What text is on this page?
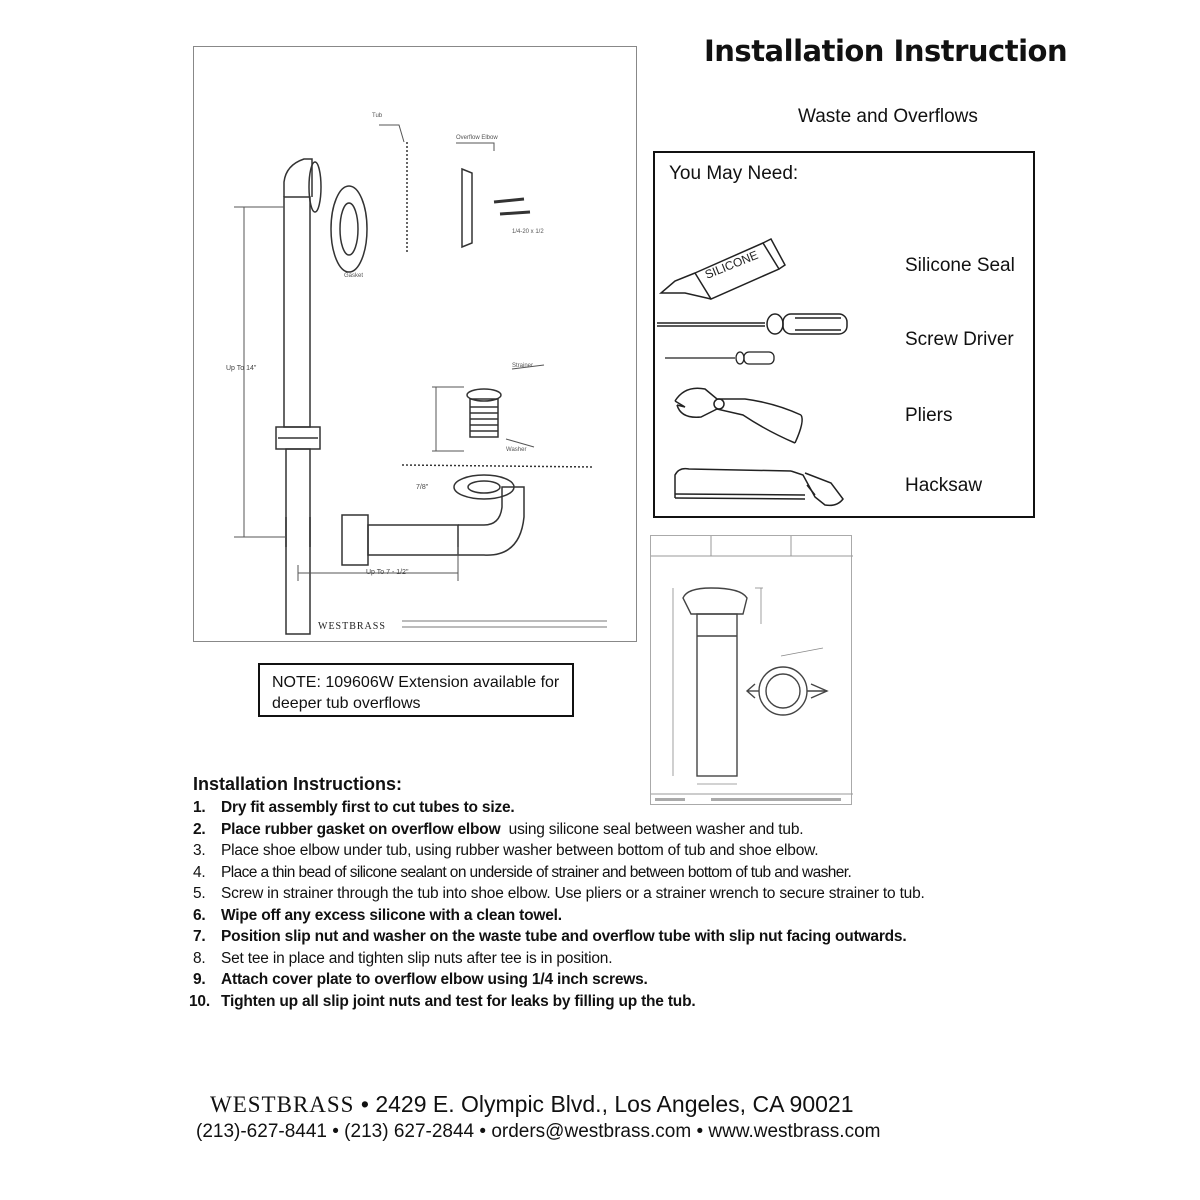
Installation Instruction
Waste and Overflows
Tub
Overflow Elbow
1/4-20 x 1/2
Gasket
Strainer
Washer
Up To 14"
Up To 7 - 1/2"
7/8"
WESTBRASS
You May Need:
SILICONE	Silicone Seal
Screw Driver
Pliers
Hacksaw
NOTE: 109606W Extension available for deeper tub overflows
Installation Instructions:
1. Dry fit assembly first to cut tubes to size.
2. Place rubber gasket on overflow elbow  using silicone seal between washer and tub.
3. Place shoe elbow under tub, using rubber washer between bottom of tub and shoe elbow.
4. Place a thin bead of silicone sealant on underside of strainer and between bottom of tub and washer.
5. Screw in strainer through the tub into shoe elbow. Use pliers or a strainer wrench to secure strainer to tub.
6. Wipe off any excess silicone with a clean towel.
7. Position slip nut and washer on the waste tube and overflow tube with slip nut facing outwards.
8. Set tee in place and tighten slip nuts after tee is in position.
9. Attach cover plate to overflow elbow using 1/4 inch screws.
10. Tighten up all slip joint nuts and test for leaks by filling up the tub.
WESTBRASS • 2429 E. Olympic Blvd., Los Angeles, CA 90021
(213)-627-8441 • (213) 627-2844 • orders@westbrass.com • www.westbrass.com
